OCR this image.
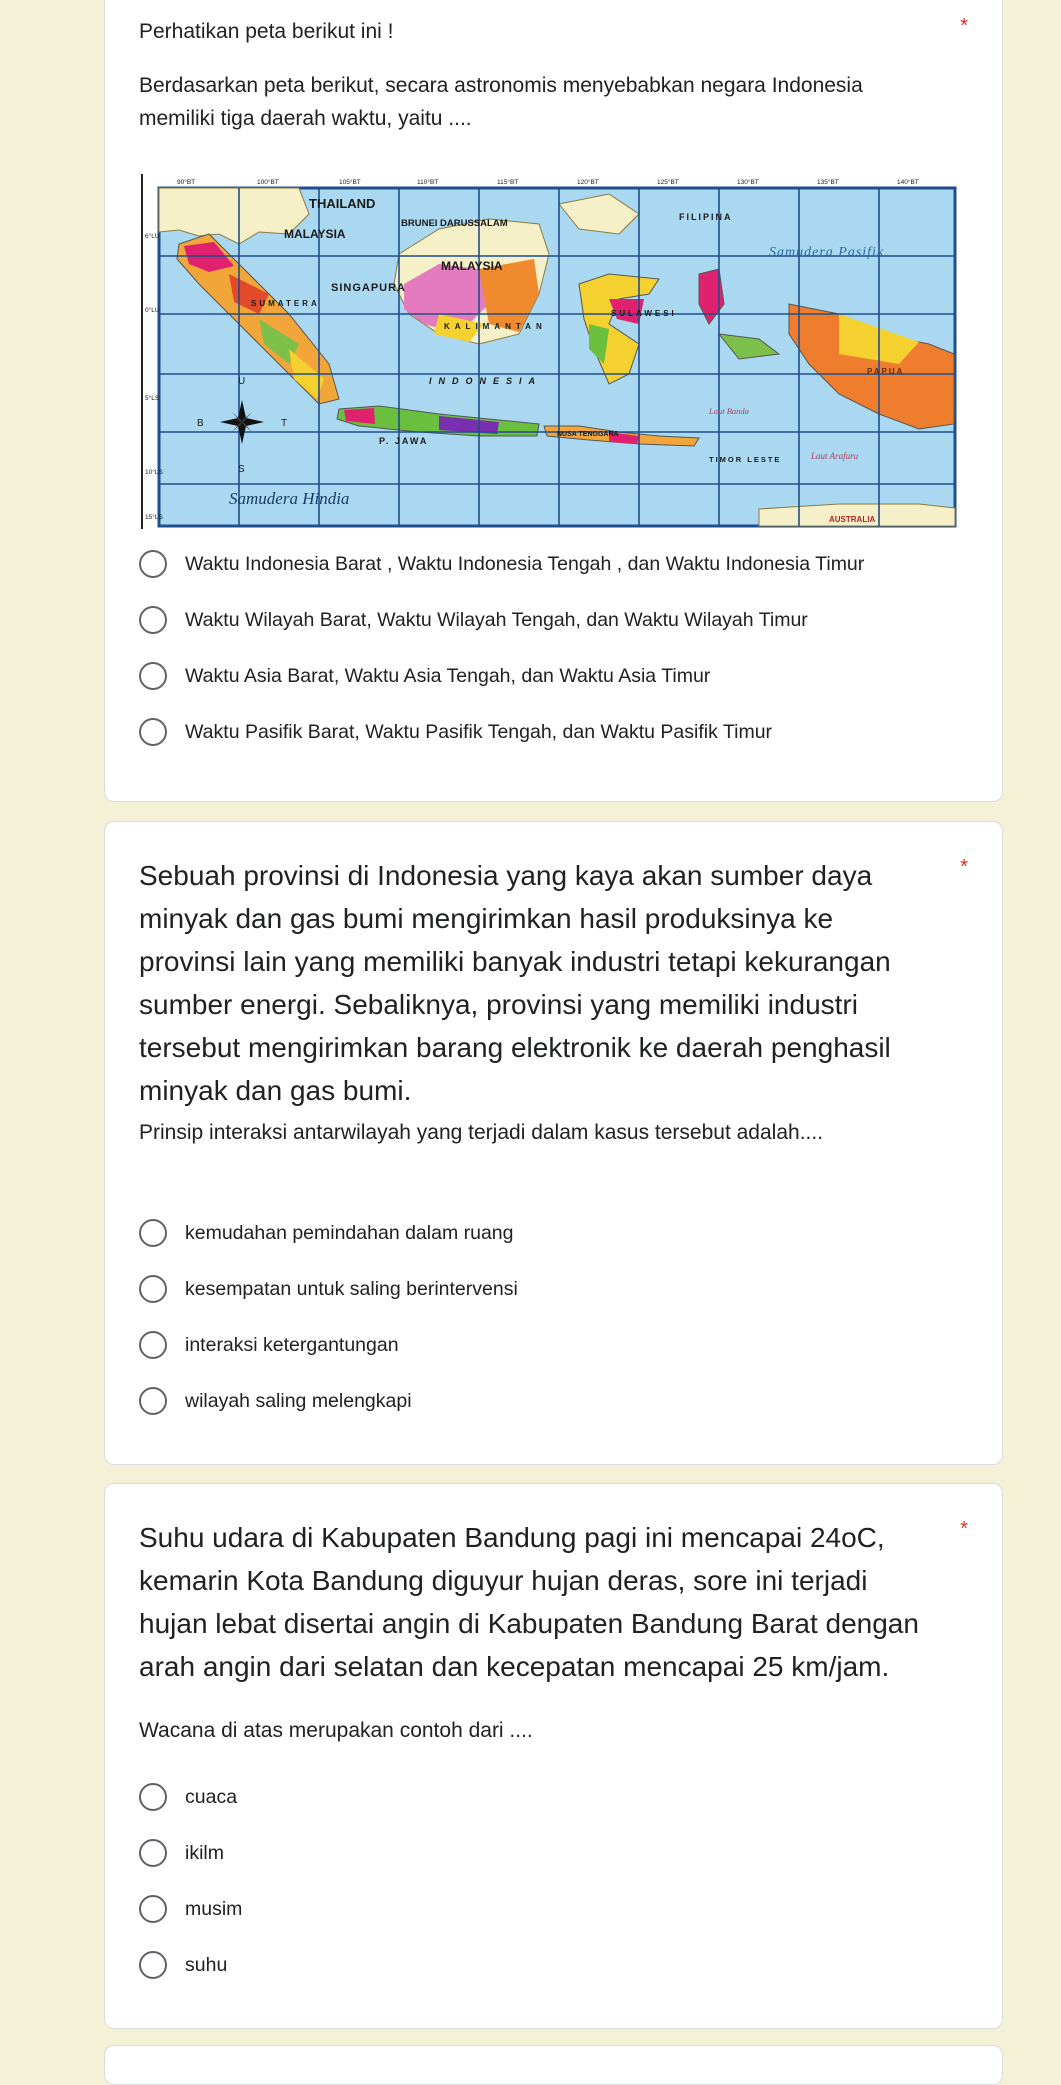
Perhatikan peta berikut ini !	*
Berdasarkan peta berikut, secara astronomis menyebabkan negara Indonesia memiliki tiga daerah waktu, yaitu ....
90°BT	100°BT	105°BT	110°BT	115°BT	120°BT	125°BT	130°BT	135°BT	140°BT
6°LU
0°LU
5°LS
10°LS
15°LS
THAILAND
MALAYSIA
BRUNEI DARUSSALAM
MALAYSIA
FILIPINA
SINGAPURA
SUMATERA
KALIMANTAN
SULAWESI
INDONESIA
P. JAWA
NUSA TENGGARA
TIMOR LESTE
PAPUA
AUSTRALIA
Samudera Pasifik
Samudera Hindia
Laut Banda
Laut Arafuru
U
S
T
B
Waktu Indonesia Barat , Waktu Indonesia Tengah , dan Waktu Indonesia Timur
Waktu Wilayah Barat, Waktu Wilayah Tengah, dan Waktu Wilayah Timur
Waktu Asia Barat, Waktu Asia Tengah, dan Waktu Asia Timur
Waktu Pasifik Barat, Waktu Pasifik Tengah, dan Waktu Pasifik Timur
Sebuah provinsi di Indonesia yang kaya akan sumber daya
minyak dan gas bumi mengirimkan hasil produksinya ke
provinsi lain yang memiliki banyak industri tetapi kekurangan
sumber energi. Sebaliknya, provinsi yang memiliki industri
tersebut mengirimkan barang elektronik ke daerah penghasil
minyak dan gas bumi.
*
Prinsip interaksi antarwilayah yang terjadi dalam kasus tersebut adalah....
kemudahan pemindahan dalam ruang
kesempatan untuk saling berintervensi
interaksi ketergantungan
wilayah saling melengkapi
Suhu udara di Kabupaten Bandung pagi ini mencapai 24oC,
kemarin Kota Bandung diguyur hujan deras, sore ini terjadi
hujan lebat disertai angin di Kabupaten Bandung Barat dengan
arah angin dari selatan dan kecepatan mencapai 25 km/jam.
*
Wacana di atas merupakan contoh dari ....
cuaca
ikilm
musim
suhu
